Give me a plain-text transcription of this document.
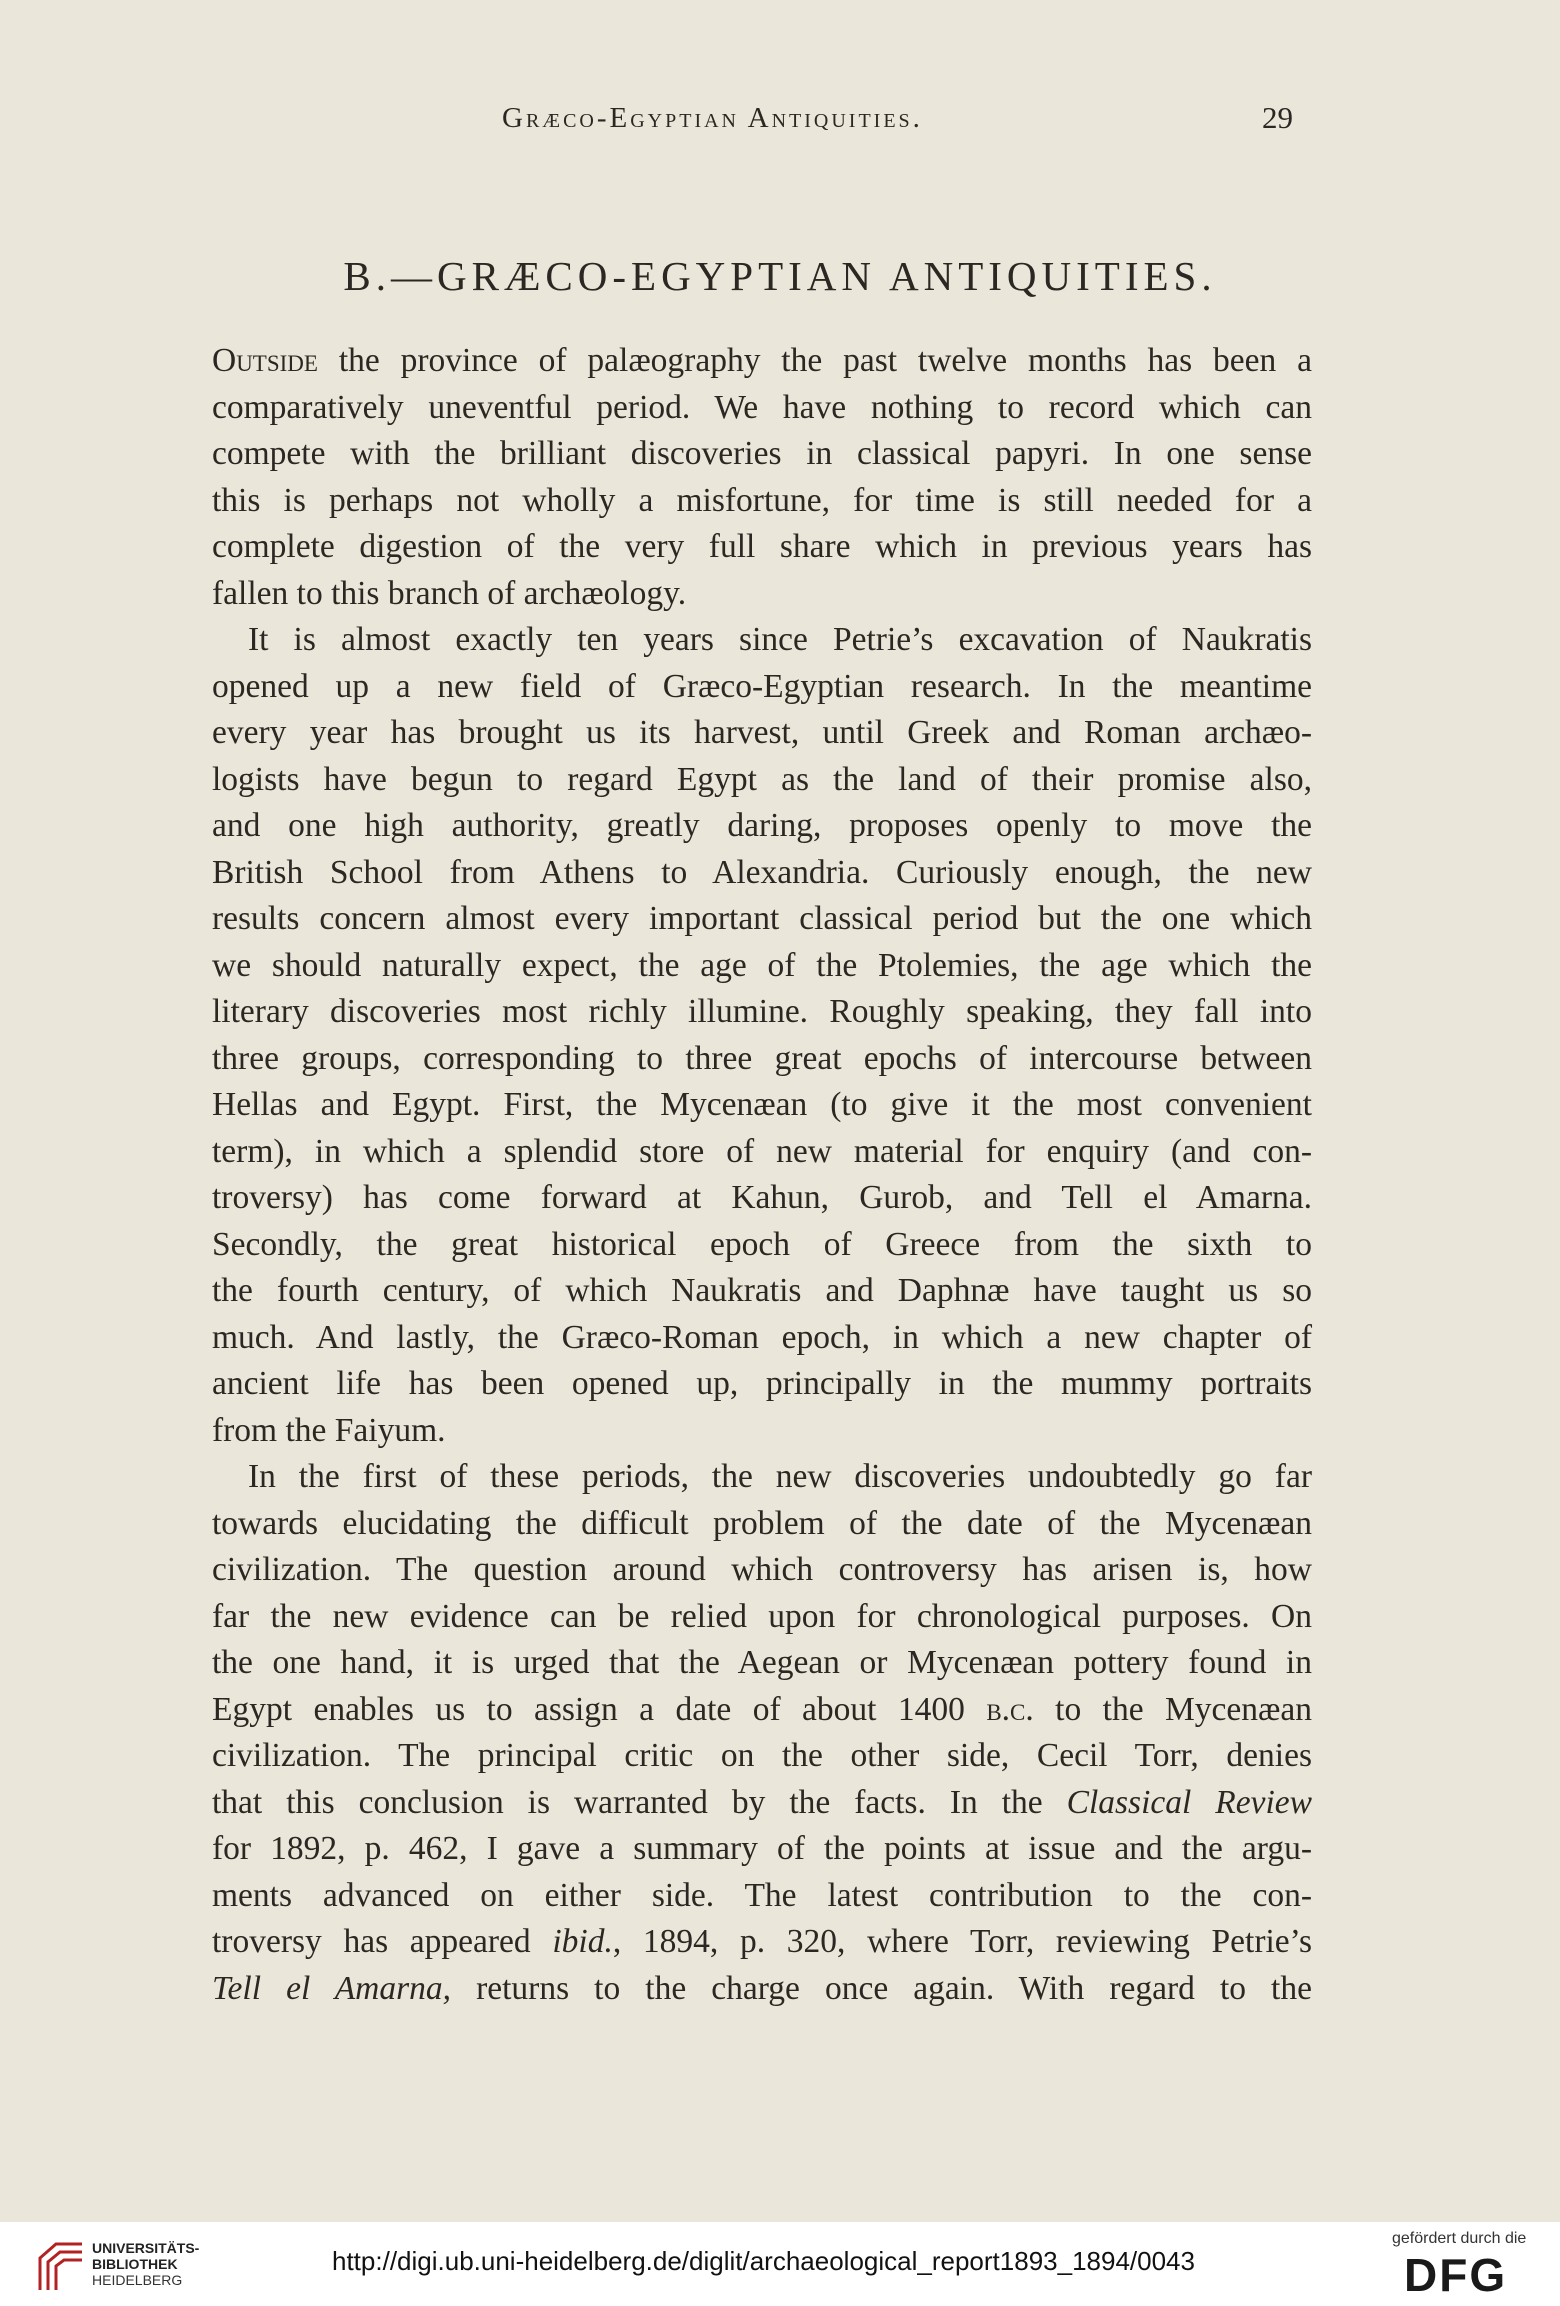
Græco-Egyptian Antiquities.	29
B.—GRÆCO-EGYPTIAN ANTIQUITIES.
Outside the province of palæography the past twelve months has been a
comparatively uneventful period. We have nothing to record which can
compete with the brilliant discoveries in classical papyri. In one sense
this is perhaps not wholly a misfortune, for time is still needed for a
complete digestion of the very full share which in previous years has
fallen to this branch of archæology.
It is almost exactly ten years since Petrie’s excavation of Naukratis
opened up a new field of Græco-Egyptian research. In the meantime
every year has brought us its harvest, until Greek and Roman archæo-
logists have begun to regard Egypt as the land of their promise also,
and one high authority, greatly daring, proposes openly to move the
British School from Athens to Alexandria. Curiously enough, the new
results concern almost every important classical period but the one which
we should naturally expect, the age of the Ptolemies, the age which the
literary discoveries most richly illumine. Roughly speaking, they fall into
three groups, corresponding to three great epochs of intercourse between
Hellas and Egypt. First, the Mycenæan (to give it the most convenient
term), in which a splendid store of new material for enquiry (and con-
troversy) has come forward at Kahun, Gurob, and Tell el Amarna.
Secondly, the great historical epoch of Greece from the sixth to
the fourth century, of which Naukratis and Daphnæ have taught us so
much. And lastly, the Græco-Roman epoch, in which a new chapter of
ancient life has been opened up, principally in the mummy portraits
from the Faiyum.
In the first of these periods, the new discoveries undoubtedly go far
towards elucidating the difficult problem of the date of the Mycenæan
civilization. The question around which controversy has arisen is, how
far the new evidence can be relied upon for chronological purposes. On
the one hand, it is urged that the Aegean or Mycenæan pottery found in
Egypt enables us to assign a date of about 1400 b.c. to the Mycenæan
civilization. The principal critic on the other side, Cecil Torr, denies
that this conclusion is warranted by the facts. In the Classical Review
for 1892, p. 462, I gave a summary of the points at issue and the argu-
ments advanced on either side. The latest contribution to the con-
troversy has appeared ibid., 1894, p. 320, where Torr, reviewing Petrie’s
Tell el Amarna, returns to the charge once again. With regard to the
UNIVERSITÄTS-
BIBLIOTHEK
HEIDELBERG
http://digi.ub.uni-heidelberg.de/diglit/archaeological_report1893_1894/0043
gefördert durch die
DFG
